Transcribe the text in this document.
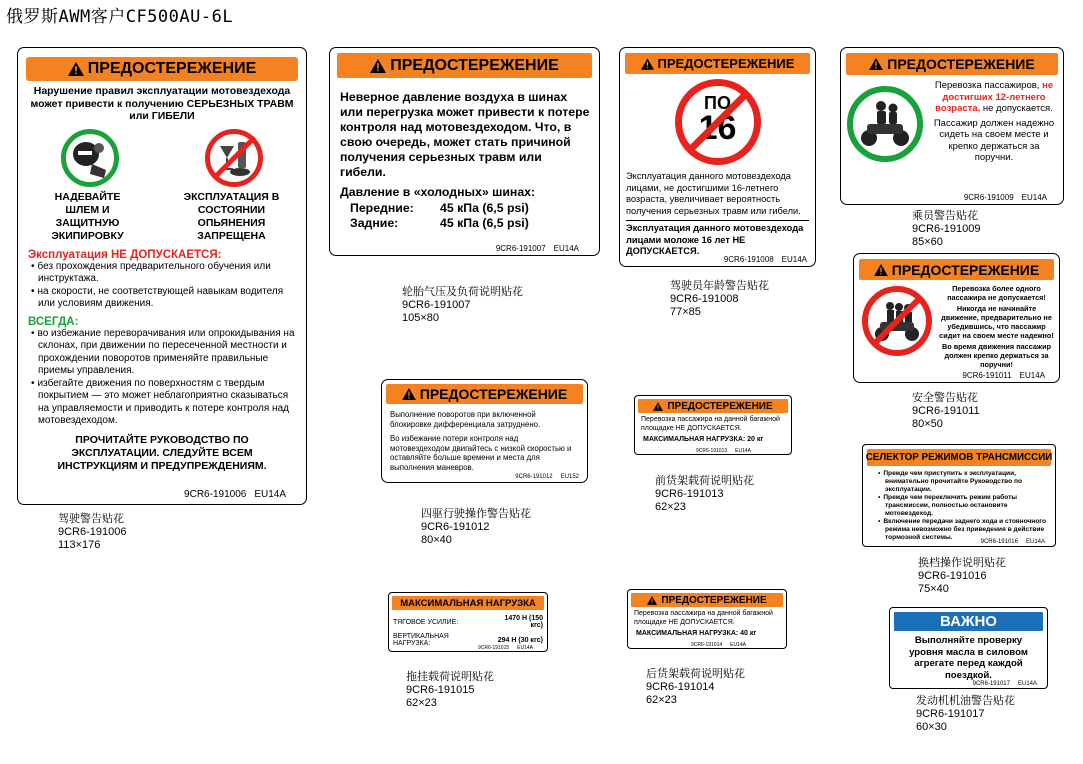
俄罗斯AWM客户CF500AU-6L
ПРЕДОСТЕРЕЖЕНИЕ
Нарушение правил эксплуатации мотовездехода может привести к получению СЕРЬЕЗНЫХ ТРАВМ или ГИБЕЛИ
НАДЕВАЙТЕ ШЛЕМ И ЗАЩИТНУЮ ЭКИПИРОВКУ
ЭКСПЛУАТАЦИЯ В СОСТОЯНИИ ОПЬЯНЕНИЯ ЗАПРЕЩЕНА
Эксплуатация НЕ ДОПУСКАЕТСЯ:
• без прохождения предварительного обучения или инструктажа.
• на скорости, не соответствующей навыкам водителя или условиям движения.
ВСЕГДА:
• во избежание переворачивания или опрокидывания на склонах, при движении по пересеченной местности и прохождении поворотов применяйте правильные приемы управления.
• избегайте движения по поверхностям с твердым покрытием — это может неблагоприятно сказываться на управляемости и приводить к потере контроля над мотовездеходом.
ПРОЧИТАЙТЕ РУКОВОДСТВО ПО ЭКСПЛУАТАЦИИ. СЛЕДУЙТЕ ВСЕМ ИНСТРУКЦИЯМ И ПРЕДУПРЕЖДЕНИЯМ.
9CR6-191006 EU14A
驾驶警告贴花
9CR6-191006
113×176
ПРЕДОСТЕРЕЖЕНИЕ
Неверное давление воздуха в шинах или перегрузка может привести к потере контроля над мотовездеходом. Что, в свою очередь, может стать причиной получения серьезных травм или гибели.
Давление в «холодных» шинах:
Передние:	45 кПа (6,5 psi)
Задние:	45 кПа (6,5 psi)
9CR6-191007 EU14A
轮胎气压及负荷说明贴花
9CR6-191007
105×80
ПРЕДОСТЕРЕЖЕНИЕ
ПО
16
Эксплуатация данного мотовездехода лицами, не достигшими 16-летнего возраста, увеличивает вероятность получения серьезных травм или гибели.
Эксплуатация данного мотовездехода лицами моложе 16 лет НЕ ДОПУСКАЕТСЯ.
9CR6-191008 EU14A
驾驶员年龄警告贴花
9CR6-191008
77×85
ПРЕДОСТЕРЕЖЕНИЕ
Перевозка пассажиров, не достигших 12-летнего возраста, не допускается.
Пассажир должен надежно сидеть на своем месте и крепко держаться за поручни.
9CR6-191009 EU14A
乘员警告贴花
9CR6-191009
85×60
ПРЕДОСТЕРЕЖЕНИЕ
Перевозка более одного пассажира не допускается!
Никогда не начинайте движение, предварительно не убедившись, что пассажир сидит на своем месте надежно!
Во время движения пассажир должен крепко держаться за поручни!
9CR6-191011 EU14A
安全警告贴花
9CR6-191011
80×50
ПРЕДОСТЕРЕЖЕНИЕ
Выполнение поворотов при включенной блокировке дифференциала затруднено.
Во избежание потери контроля над мотовездеходом двигайтесь с низкой скоростью и оставляйте больше времени и места для выполнения маневров.
9CR6-191012 EU152
四驱行驶操作警告贴花
9CR6-191012
80×40
ПРЕДОСТЕРЕЖЕНИЕ
Перевозка пассажира на данной багажной площадке НЕ ДОПУСКАЕТСЯ.
МАКСИМАЛЬНАЯ НАГРУЗКА: 20 кг
9CR6-191013 EU14A
前货架载荷说明贴花
9CR6-191013
62×23
СЕЛЕКТОР РЕЖИМОВ ТРАНСМИССИИ
• Прежде чем приступить к эксплуатации, внимательно прочитайте Руководство по эксплуатации.
• Прежде чем переключить режим работы трансмиссии, полностью остановите мотовездеход.
• Включение передачи заднего хода и стояночного режима невозможно без приведения в действие тормозной системы.
9CR6-191016 EU14A
换档操作说明贴花
9CR6-191016
75×40
МАКСИМАЛЬНАЯ НАГРУЗКА
ТЯГОВОЕ УСИЛИЕ:	1470 Н (150 кгс)
ВЕРТИКАЛЬНАЯ НАГРУЗКА:	294 Н (30 кгс)
9CR6-191015 EU14A
拖挂载荷说明贴花
9CR6-191015
62×23
ПРЕДОСТЕРЕЖЕНИЕ
Перевозка пассажира на данной багажной площадке НЕ ДОПУСКАЕТСЯ.
МАКСИМАЛЬНАЯ НАГРУЗКА: 40 кг
9CR6-191014 EU14A
后货架载荷说明贴花
9CR6-191014
62×23
ВАЖНО
Выполняйте проверку уровня масла в силовом агрегате перед каждой поездкой.
9CR6-191017 EU14A
发动机机油警告贴花
9CR6-191017
60×30
